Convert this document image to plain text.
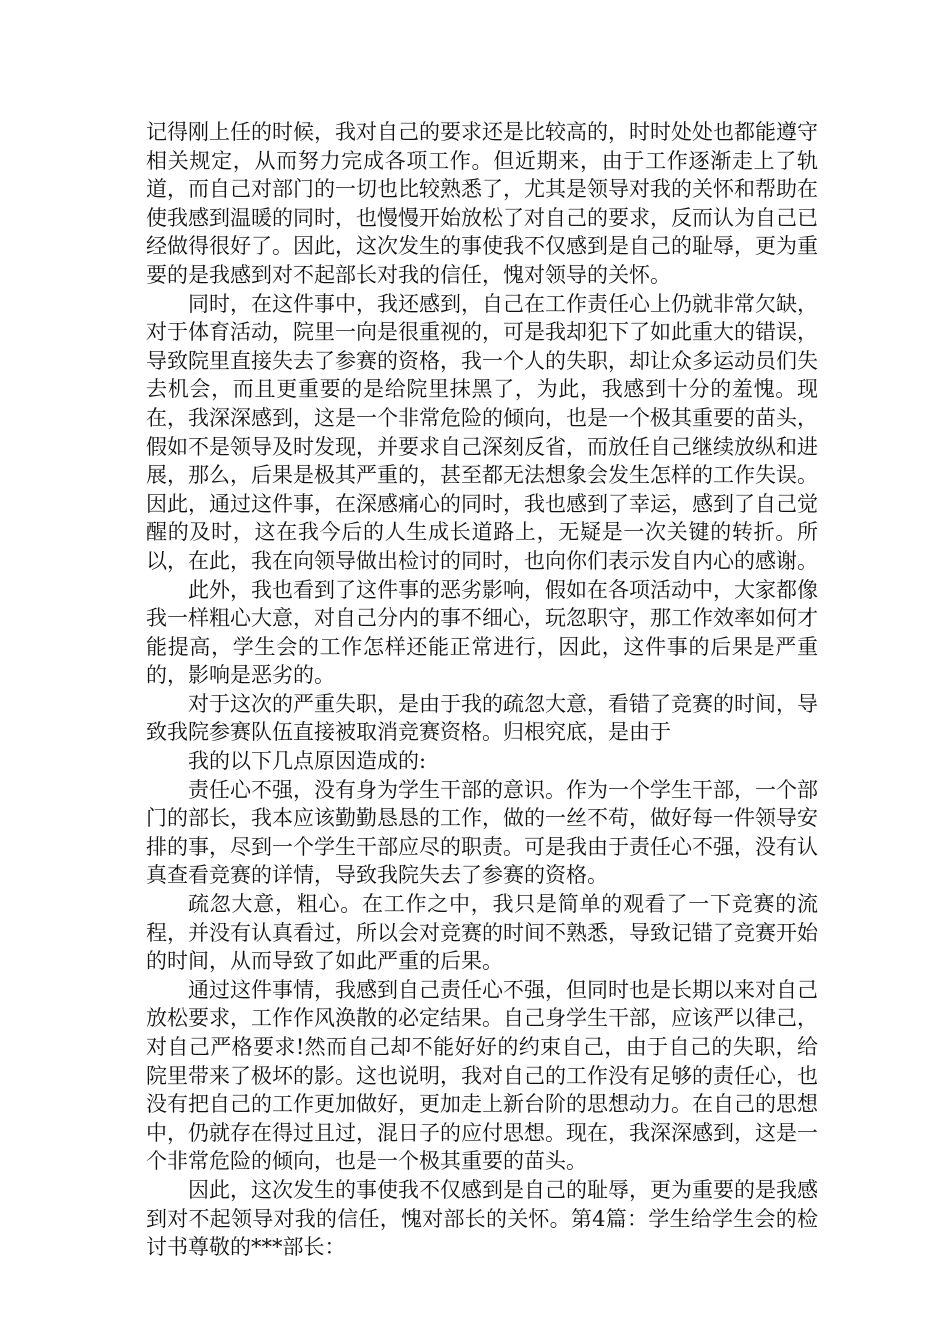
记得刚上任的时候，我对自己的要求还是比较高的，时时处处也都能遵守相关规定，从而努力完成各项工作。但近期来，由于工作逐渐走上了轨道，而自己对部门的一切也比较熟悉了，尤其是领导对我的关怀和帮助在使我感到温暖的同时，也慢慢开始放松了对自己的要求，反而认为自己已经做得很好了。因此，这次发生的事使我不仅感到是自己的耻辱，更为重要的是我感到对不起部长对我的信任，愧对领导的关怀。

同时，在这件事中，我还感到，自己在工作责任心上仍就非常欠缺，对于体育活动，院里一向是很重视的，可是我却犯下了如此重大的错误，导致院里直接失去了参赛的资格，我一个人的失职，却让众多运动员们失去机会，而且更重要的是给院里抹黑了，为此，我感到十分的羞愧。现在，我深深感到，这是一个非常危险的倾向，也是一个极其重要的苗头，假如不是领导及时发现，并要求自己深刻反省，而放任自己继续放纵和进展，那么，后果是极其严重的，甚至都无法想象会发生怎样的工作失误。因此，通过这件事，在深感痛心的同时，我也感到了幸运，感到了自己觉醒的及时，这在我今后的人生成长道路上，无疑是一次关键的转折。所以，在此，我在向领导做出检讨的同时，也向你们表示发自内心的感谢。

此外，我也看到了这件事的恶劣影响，假如在各项活动中，大家都像我一样粗心大意，对自己分内的事不细心，玩忽职守，那工作效率如何才能提高，学生会的工作怎样还能正常进行，因此，这件事的后果是严重的，影响是恶劣的。

对于这次的严重失职，是由于我的疏忽大意，看错了竞赛的时间，导致我院参赛队伍直接被取消竞赛资格。归根究底，是由于

我的以下几点原因造成的:

责任心不强，没有身为学生干部的意识。作为一个学生干部，一个部门的部长，我本应该勤勤恳恳的工作，做的一丝不苟，做好每一件领导安排的事，尽到一个学生干部应尽的职责。可是我由于责任心不强，没有认真查看竞赛的详情，导致我院失去了参赛的资格。

疏忽大意，粗心。在工作之中，我只是简单的观看了一下竞赛的流程，并没有认真看过，所以会对竞赛的时间不熟悉，导致记错了竞赛开始的时间，从而导致了如此严重的后果。

通过这件事情，我感到自己责任心不强，但同时也是长期以来对自己放松要求，工作作风涣散的必定结果。自己身学生干部，应该严以律己，对自己严格要求!然而自己却不能好好的约束自己，由于自己的失职，给院里带来了极坏的影。这也说明，我对自己的工作没有足够的责任心，也没有把自己的工作更加做好，更加走上新台阶的思想动力。在自己的思想中，仍就存在得过且过，混日子的应付思想。现在，我深深感到，这是一个非常危险的倾向，也是一个极其重要的苗头。

因此，这次发生的事使我不仅感到是自己的耻辱，更为重要的是我感到对不起领导对我的信任，愧对部长的关怀。第4篇：学生给学生会的检讨书尊敬的***部长：
